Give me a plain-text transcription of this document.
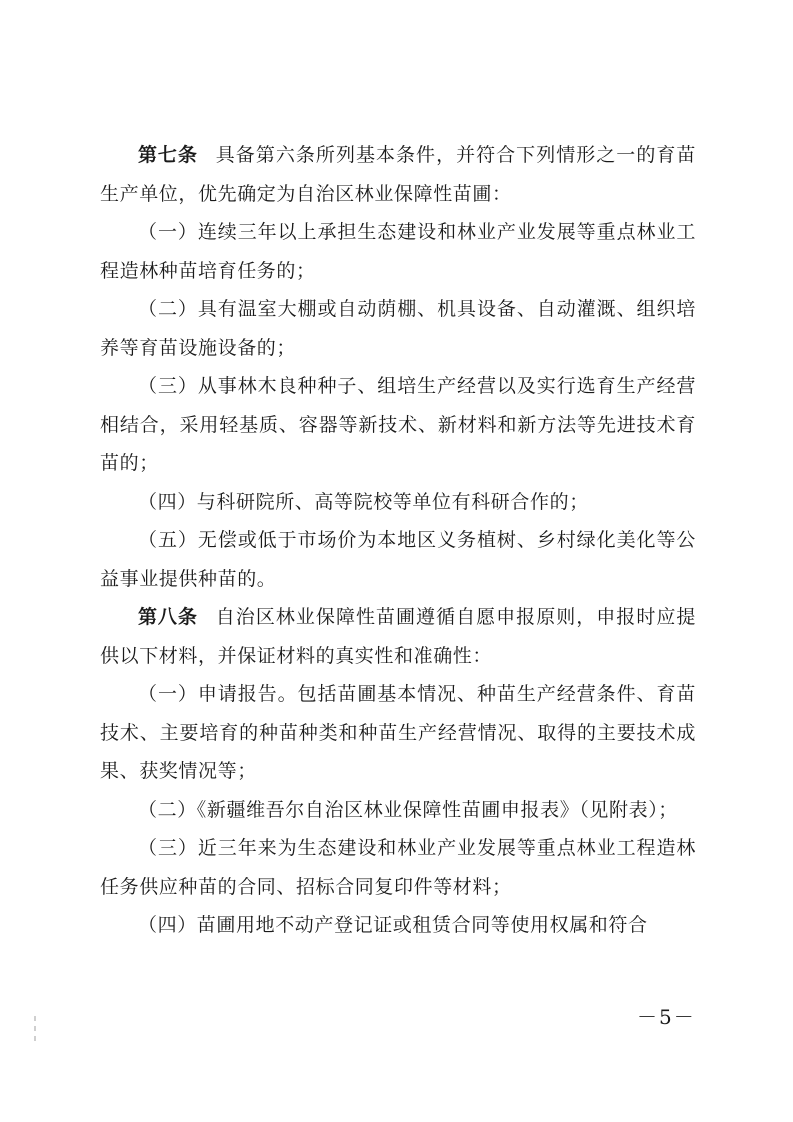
第七条 具备第六条所列基本条件，并符合下列情形之一的育苗生产单位，优先确定为自治区林业保障性苗圃：

（一）连续三年以上承担生态建设和林业产业发展等重点林业工程造林种苗培育任务的；

（二）具有温室大棚或自动荫棚、机具设备、自动灌溉、组织培养等育苗设施设备的；

（三）从事林木良种种子、组培生产经营以及实行选育生产经营相结合，采用轻基质、容器等新技术、新材料和新方法等先进技术育苗的；

（四）与科研院所、高等院校等单位有科研合作的；

（五）无偿或低于市场价为本地区义务植树、乡村绿化美化等公益事业提供种苗的。

第八条 自治区林业保障性苗圃遵循自愿申报原则，申报时应提供以下材料，并保证材料的真实性和准确性：

（一）申请报告。包括苗圃基本情况、种苗生产经营条件、育苗技术、主要培育的种苗种类和种苗生产经营情况、取得的主要技术成果、获奖情况等；

（二）《新疆维吾尔自治区林业保障性苗圃申报表》（见附表）；

（三）近三年来为生态建设和林业产业发展等重点林业工程造林任务供应种苗的合同、招标合同复印件等材料；

（四）苗圃用地不动产登记证或租赁合同等使用权属和符合

－5－
